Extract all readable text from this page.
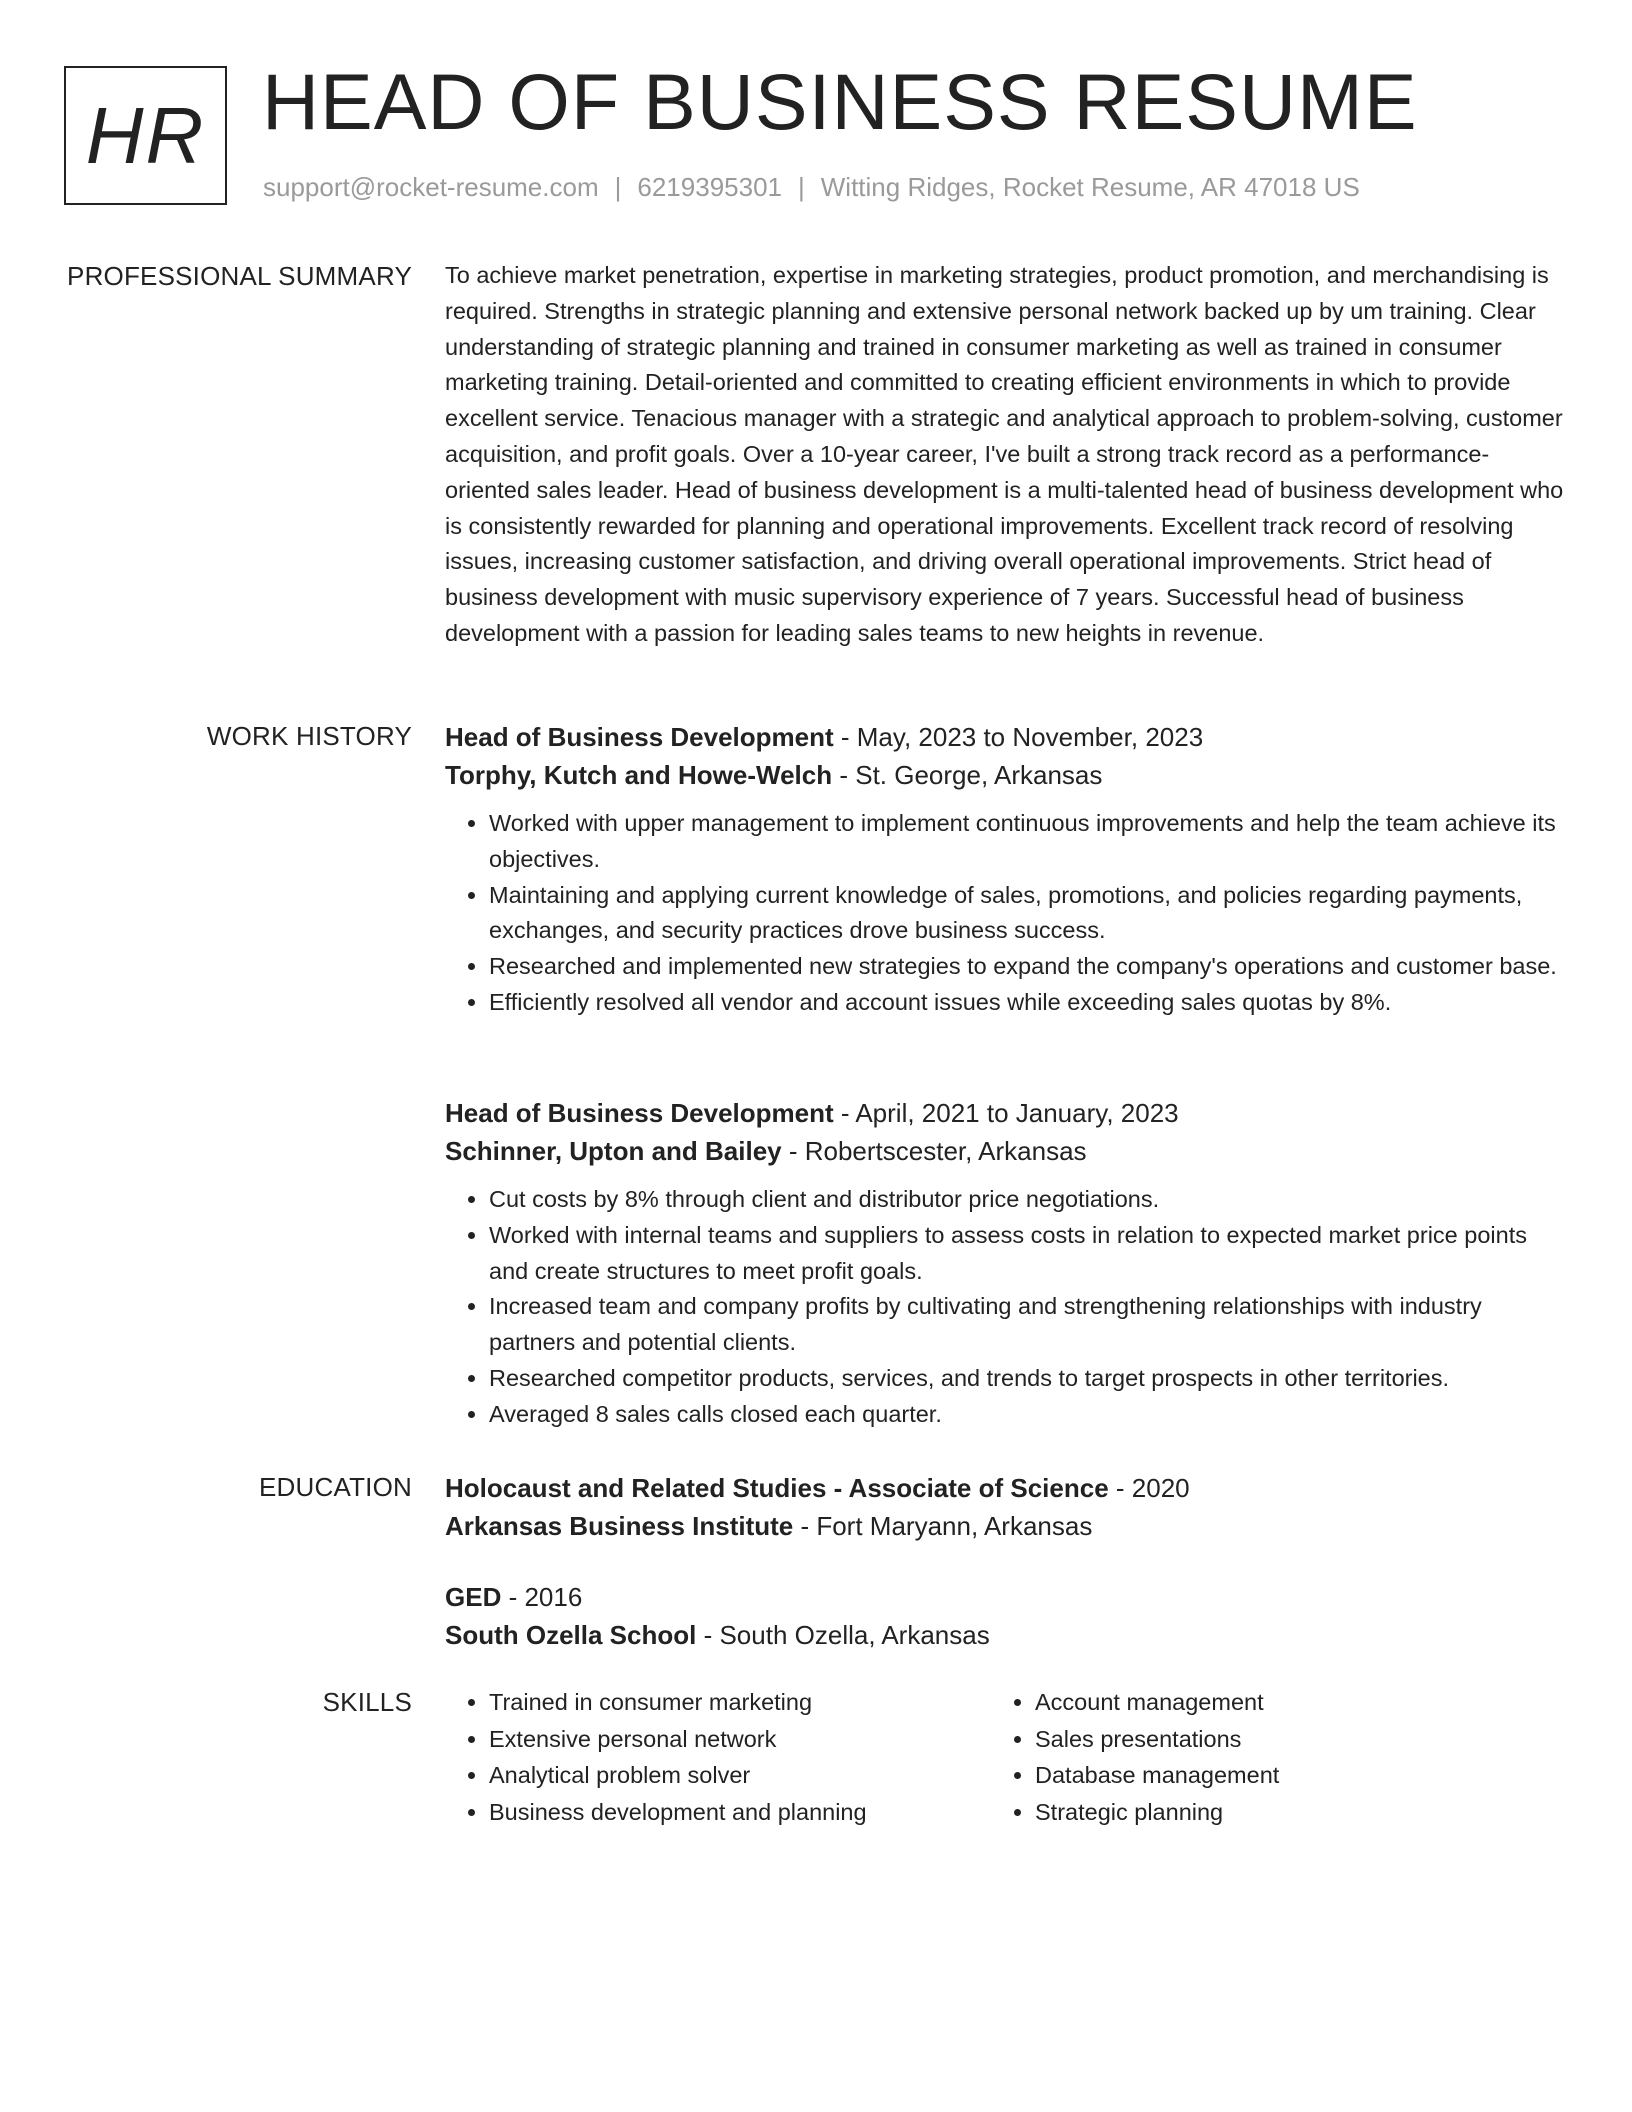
HR HEAD OF BUSINESS RESUME
support@rocket-resume.com | 6219395301 | Witting Ridges, Rocket Resume, AR 47018 US
PROFESSIONAL SUMMARY To achieve market penetration, expertise in marketing strategies, product promotion, and merchandising is required. Strengths in strategic planning and extensive personal network backed up by um training. Clear understanding of strategic planning and trained in consumer marketing as well as trained in consumer marketing training. Detail-oriented and committed to creating efficient environments in which to provide excellent service. Tenacious manager with a strategic and analytical approach to problem-solving, customer acquisition, and profit goals. Over a 10-year career, I've built a strong track record as a performance-oriented sales leader. Head of business development is a multi-talented head of business development who is consistently rewarded for planning and operational improvements. Excellent track record of resolving issues, increasing customer satisfaction, and driving overall operational improvements. Strict head of business development with music supervisory experience of 7 years. Successful head of business development with a passion for leading sales teams to new heights in revenue.

WORK HISTORY Head of Business Development - May, 2023 to November, 2023
Torphy, Kutch and Howe-Welch - St. George, Arkansas
• Worked with upper management to implement continuous improvements and help the team achieve its objectives.
• Maintaining and applying current knowledge of sales, promotions, and policies regarding payments, exchanges, and security practices drove business success.
• Researched and implemented new strategies to expand the company's operations and customer base.
• Efficiently resolved all vendor and account issues while exceeding sales quotas by 8%.
Head of Business Development - April, 2021 to January, 2023
Schinner, Upton and Bailey - Robertscester, Arkansas
• Cut costs by 8% through client and distributor price negotiations.
• Worked with internal teams and suppliers to assess costs in relation to expected market price points and create structures to meet profit goals.
• Increased team and company profits by cultivating and strengthening relationships with industry partners and potential clients.
• Researched competitor products, services, and trends to target prospects in other territories.
• Averaged 8 sales calls closed each quarter.
EDUCATION Holocaust and Related Studies - Associate of Science - 2020
Arkansas Business Institute - Fort Maryann, Arkansas
GED - 2016
South Ozella School - South Ozella, Arkansas
SKILLS
•	Trained in consumer marketing
• Extensive personal network
• Analytical problem solver
• Business development and planning
• Account management
• Sales presentations
• Database management
• Strategic planning
